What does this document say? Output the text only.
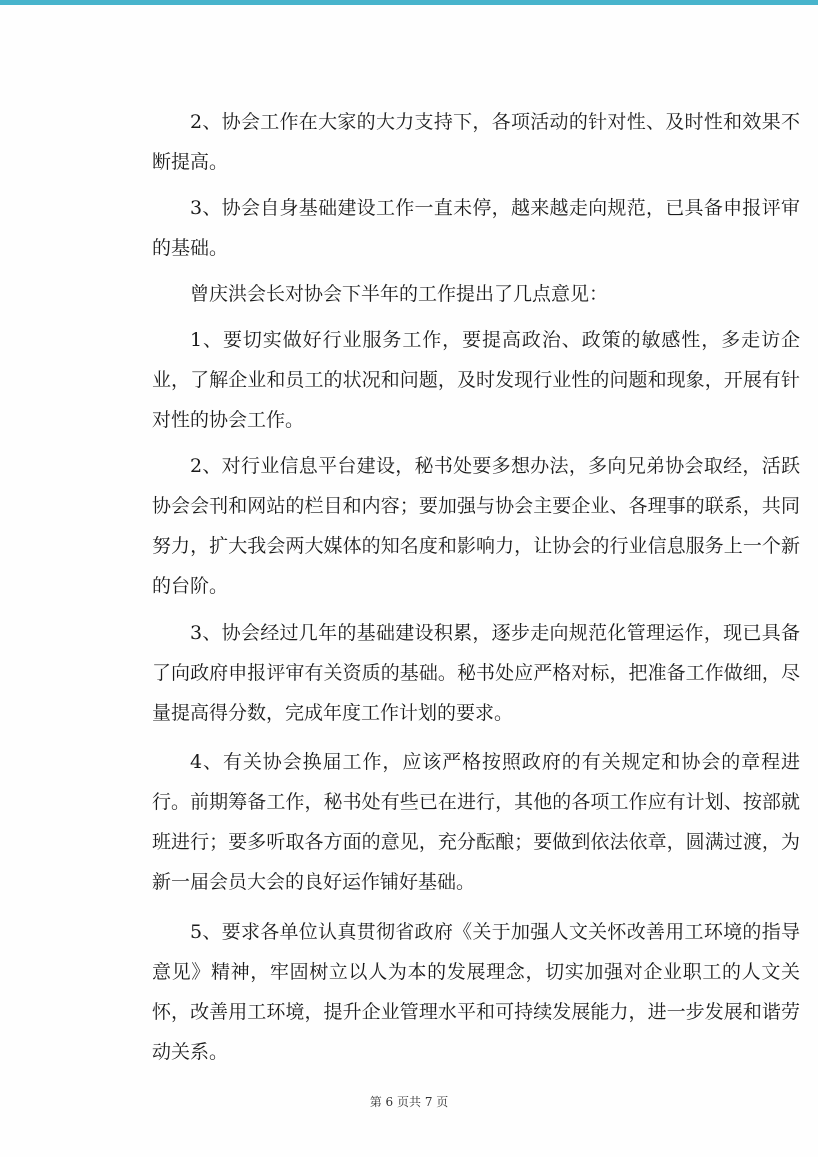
2、协会工作在大家的大力支持下，各项活动的针对性、及时性和效果不断提高。

3、协会自身基础建设工作一直未停，越来越走向规范，已具备申报评审的基础。

曾庆洪会长对协会下半年的工作提出了几点意见：

1、要切实做好行业服务工作，要提高政治、政策的敏感性，多走访企业，了解企业和员工的状况和问题，及时发现行业性的问题和现象，开展有针对性的协会工作。

2、对行业信息平台建设，秘书处要多想办法，多向兄弟协会取经，活跃协会会刊和网站的栏目和内容；要加强与协会主要企业、各理事的联系，共同努力，扩大我会两大媒体的知名度和影响力，让协会的行业信息服务上一个新的台阶。

3、协会经过几年的基础建设积累，逐步走向规范化管理运作，现已具备了向政府申报评审有关资质的基础。秘书处应严格对标，把准备工作做细，尽量提高得分数，完成年度工作计划的要求。

4、有关协会换届工作，应该严格按照政府的有关规定和协会的章程进行。前期筹备工作，秘书处有些已在进行，其他的各项工作应有计划、按部就班进行；要多听取各方面的意见，充分酝酿；要做到依法依章，圆满过渡，为新一届会员大会的良好运作铺好基础。

5、要求各单位认真贯彻省政府《关于加强人文关怀改善用工环境的指导意见》精神，牢固树立以人为本的发展理念，切实加强对企业职工的人文关怀，改善用工环境，提升企业管理水平和可持续发展能力，进一步发展和谐劳动关系。

第 6 页共 7 页
